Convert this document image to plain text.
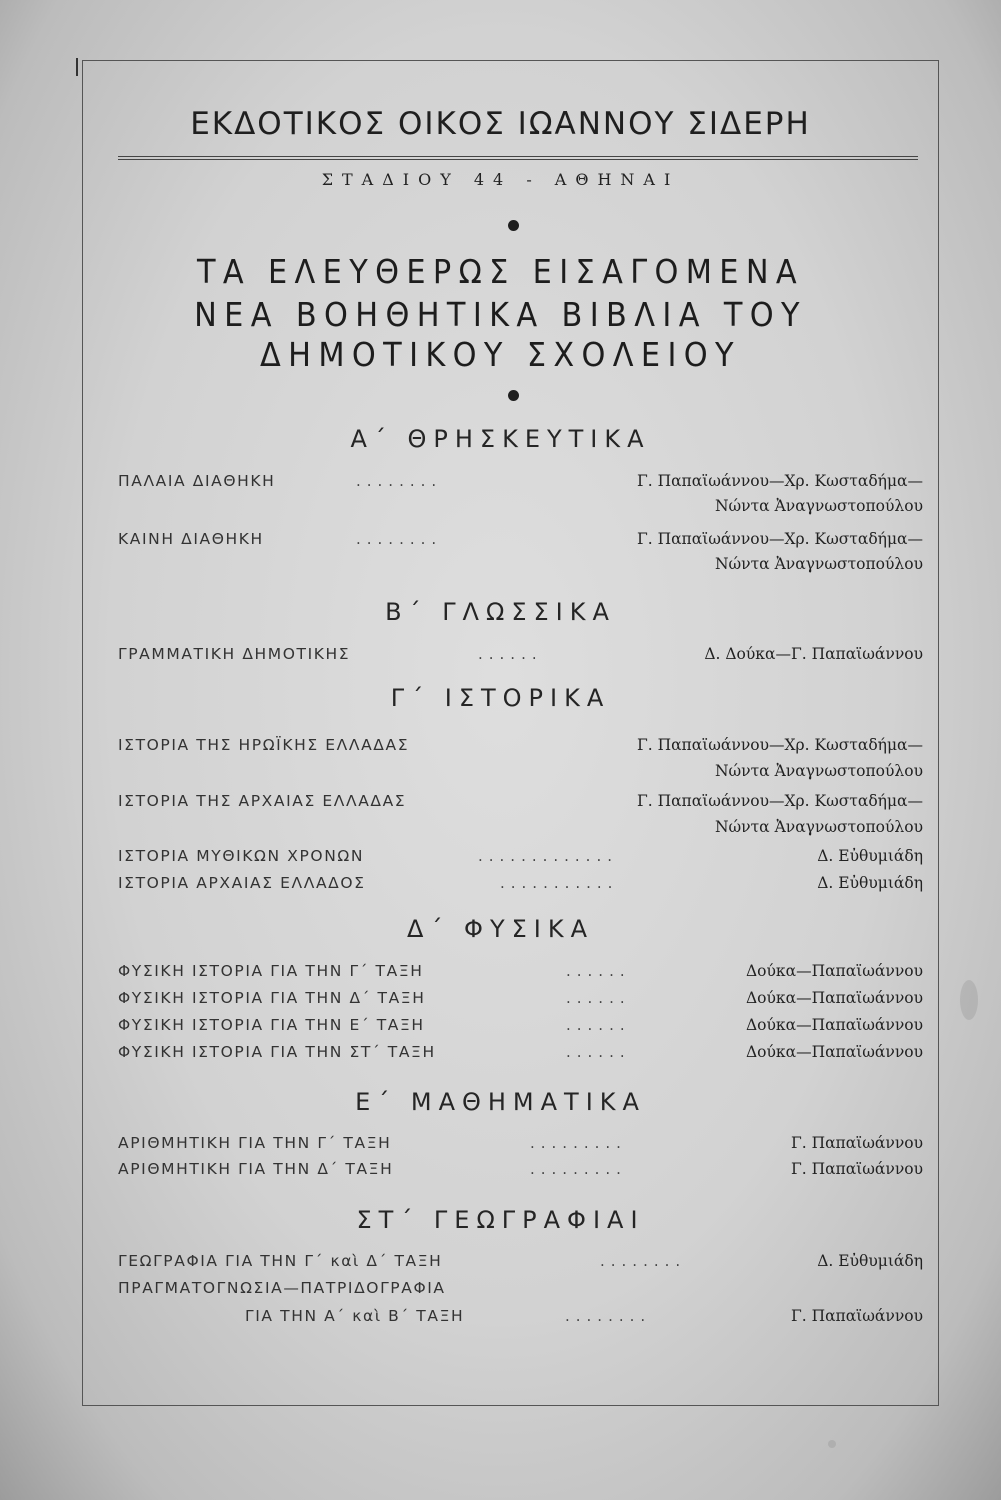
ΕΚΔΟΤΙΚΟΣ ΟΙΚΟΣ ΙΩΑΝΝΟΥ ΣΙΔΕΡΗ
ΣΤΑΔΙΟΥ 44 - ΑΘΗΝΑΙ
ΤΑ ΕΛΕΥΘΕΡΩΣ ΕΙΣΑΓΟΜΕΝΑ
ΝΕΑ ΒΟΗΘΗΤΙΚΑ ΒΙΒΛΙΑ ΤΟΥ
ΔΗΜΟΤΙΚΟΥ ΣΧΟΛΕΙΟΥ
Α΄ ΘΡΗΣΚΕΥΤΙΚΑ
ΠΑΛΑΙΑ ΔΙΑΘΗΚΗ	........	Γ. Παπαϊωάννου—Χρ. Κωσταδήμα—
Νώντα Ἀναγνωστοπούλου
ΚΑΙΝΗ ΔΙΑΘΗΚΗ	........	Γ. Παπαϊωάννου—Χρ. Κωσταδήμα—
Νώντα Ἀναγνωστοπούλου
Β΄ ΓΛΩΣΣΙΚΑ
ΓΡΑΜΜΑΤΙΚΗ ΔΗΜΟΤΙΚΗΣ	......	Δ. Δούκα—Γ. Παπαϊωάννου
Γ΄ ΙΣΤΟΡΙΚΑ
ΙΣΤΟΡΙΑ ΤΗΣ ΗΡΩΪΚΗΣ ΕΛΛΑΔΑΣ	Γ. Παπαϊωάννου—Χρ. Κωσταδήμα—
Νώντα Ἀναγνωστοπούλου
ΙΣΤΟΡΙΑ ΤΗΣ ΑΡΧΑΙΑΣ ΕΛΛΑΔΑΣ	Γ. Παπαϊωάννου—Χρ. Κωσταδήμα—
Νώντα Ἀναγνωστοπούλου
ΙΣΤΟΡΙΑ ΜΥΘΙΚΩΝ ΧΡΟΝΩΝ	.............	Δ. Εὐθυμιάδη
ΙΣΤΟΡΙΑ ΑΡΧΑΙΑΣ ΕΛΛΑΔΟΣ	...........	Δ. Εὐθυμιάδη
Δ΄ ΦΥΣΙΚΑ
ΦΥΣΙΚΗ ΙΣΤΟΡΙΑ ΓΙΑ ΤΗΝ Γ΄ ΤΑΞΗ	......	Δούκα—Παπαϊωάννου
ΦΥΣΙΚΗ ΙΣΤΟΡΙΑ ΓΙΑ ΤΗΝ Δ΄ ΤΑΞΗ	......	Δούκα—Παπαϊωάννου
ΦΥΣΙΚΗ ΙΣΤΟΡΙΑ ΓΙΑ ΤΗΝ Ε΄ ΤΑΞΗ	......	Δούκα—Παπαϊωάννου
ΦΥΣΙΚΗ ΙΣΤΟΡΙΑ ΓΙΑ ΤΗΝ ΣΤ΄ ΤΑΞΗ	......	Δούκα—Παπαϊωάννου
Ε΄ ΜΑΘΗΜΑΤΙΚΑ
ΑΡΙΘΜΗΤΙΚΗ ΓΙΑ ΤΗΝ Γ΄ ΤΑΞΗ	.........	Γ. Παπαϊωάννου
ΑΡΙΘΜΗΤΙΚΗ ΓΙΑ ΤΗΝ Δ΄ ΤΑΞΗ	.........	Γ. Παπαϊωάννου
ΣΤ΄ ΓΕΩΓΡΑΦΙΑΙ
ΓΕΩΓΡΑΦΙΑ ΓΙΑ ΤΗΝ Γ΄ καὶ Δ΄ ΤΑΞΗ	........	Δ. Εὐθυμιάδη
ΠΡΑΓΜΑΤΟΓΝΩΣΙΑ—ΠΑΤΡΙΔΟΓΡΑΦΙΑ
ΓΙΑ ΤΗΝ Α΄ καὶ Β΄ ΤΑΞΗ	........	Γ. Παπαϊωάννου
